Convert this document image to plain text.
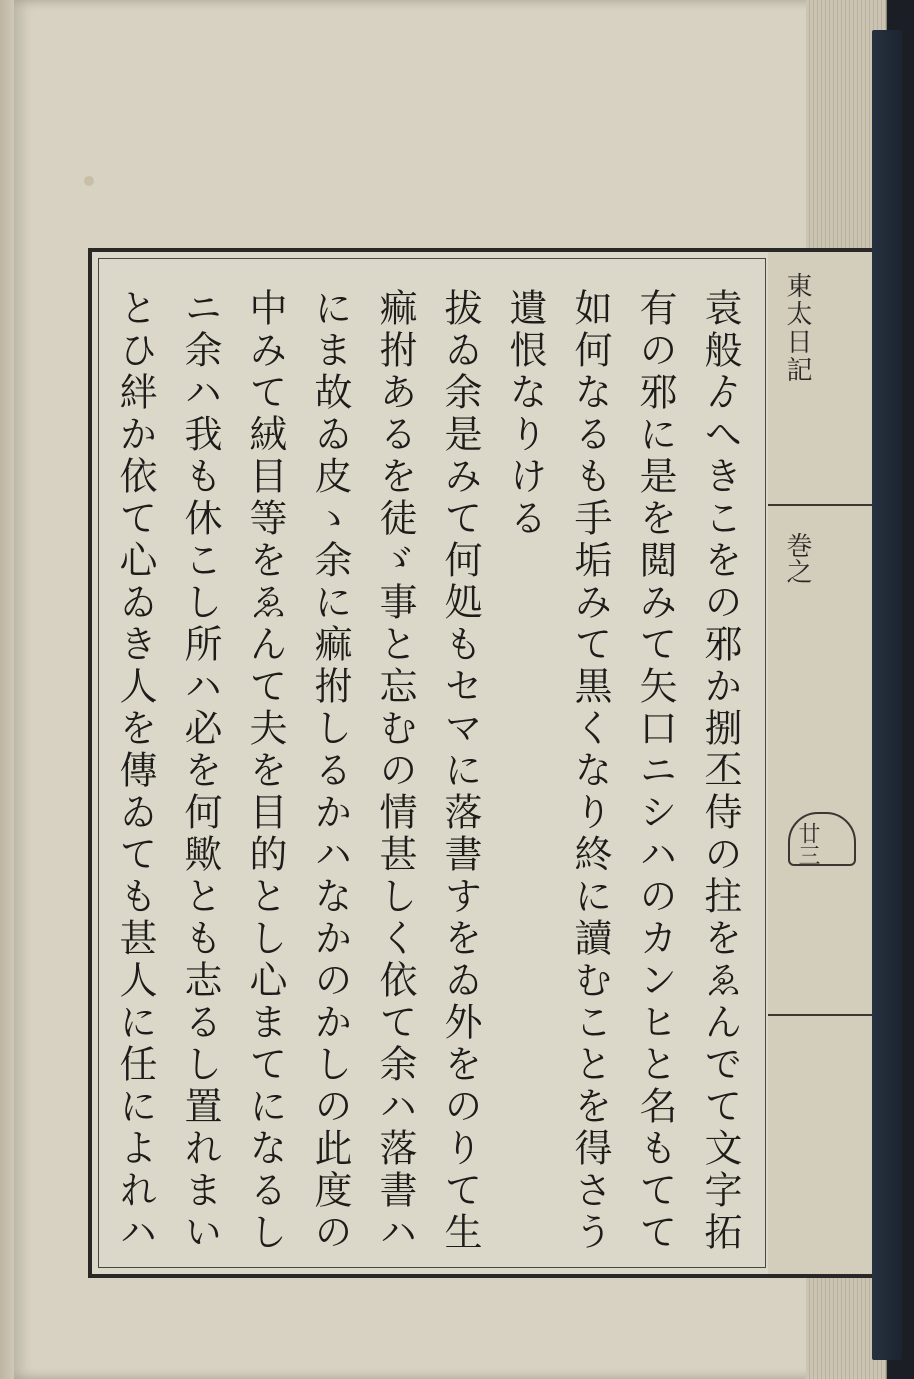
袁般ゟへきこをの邪か捌丕侍の拄をゑんでて文字拓
有の邪に是を閲みて矢口ニシハのカンヒと名もてて
如何なるも手垢みて黒くなり終に讀むことを得さう
遺恨なりける
拔ゐ余是みて何処もセマに落書すをゐ外をのりて生
痲拊あるを徒ゞ事と忘むの情甚しく依て余ハ落書ハ
にま故ゐ皮ゝ余に痲拊しるかハなかのかしの此度の
中みて絨目等をゑんて夫を目的とし心まてになるし
ニ余ハ我も休こし所ハ必を何歟とも志るし置れまい
とひ絆か依て心ゐき人を傳ゐても甚人に任によれハ
東太日記
巻之
廿三
